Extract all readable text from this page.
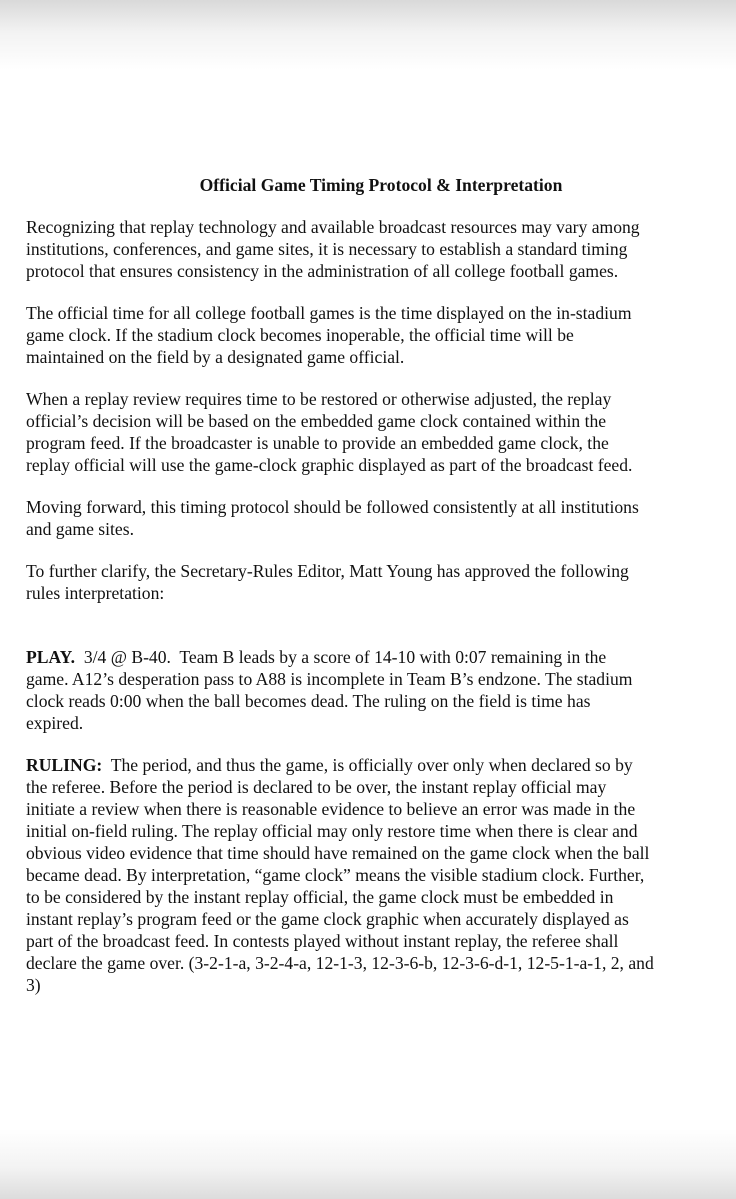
Official Game Timing Protocol & Interpretation

Recognizing that replay technology and available broadcast resources may vary among
institutions, conferences, and game sites, it is necessary to establish a standard timing
protocol that ensures consistency in the administration of all college football games.

The official time for all college football games is the time displayed on the in-stadium
game clock. If the stadium clock becomes inoperable, the official time will be
maintained on the field by a designated game official.

When a replay review requires time to be restored or otherwise adjusted, the replay
official’s decision will be based on the embedded game clock contained within the
program feed. If the broadcaster is unable to provide an embedded game clock, the
replay official will use the game-clock graphic displayed as part of the broadcast feed.

Moving forward, this timing protocol should be followed consistently at all institutions
and game sites.

To further clarify, the Secretary-Rules Editor, Matt Young has approved the following
rules interpretation:

PLAY.  3/4 @ B-40.  Team B leads by a score of 14-10 with 0:07 remaining in the
game. A12’s desperation pass to A88 is incomplete in Team B’s endzone. The stadium
clock reads 0:00 when the ball becomes dead. The ruling on the field is time has
expired.

RULING:  The period, and thus the game, is officially over only when declared so by
the referee. Before the period is declared to be over, the instant replay official may
initiate a review when there is reasonable evidence to believe an error was made in the
initial on-field ruling. The replay official may only restore time when there is clear and
obvious video evidence that time should have remained on the game clock when the ball
became dead. By interpretation, “game clock” means the visible stadium clock. Further,
to be considered by the instant replay official, the game clock must be embedded in
instant replay’s program feed or the game clock graphic when accurately displayed as
part of the broadcast feed. In contests played without instant replay, the referee shall
declare the game over. (3-2-1-a, 3-2-4-a, 12-1-3, 12-3-6-b, 12-3-6-d-1, 12-5-1-a-1, 2, and
3)
